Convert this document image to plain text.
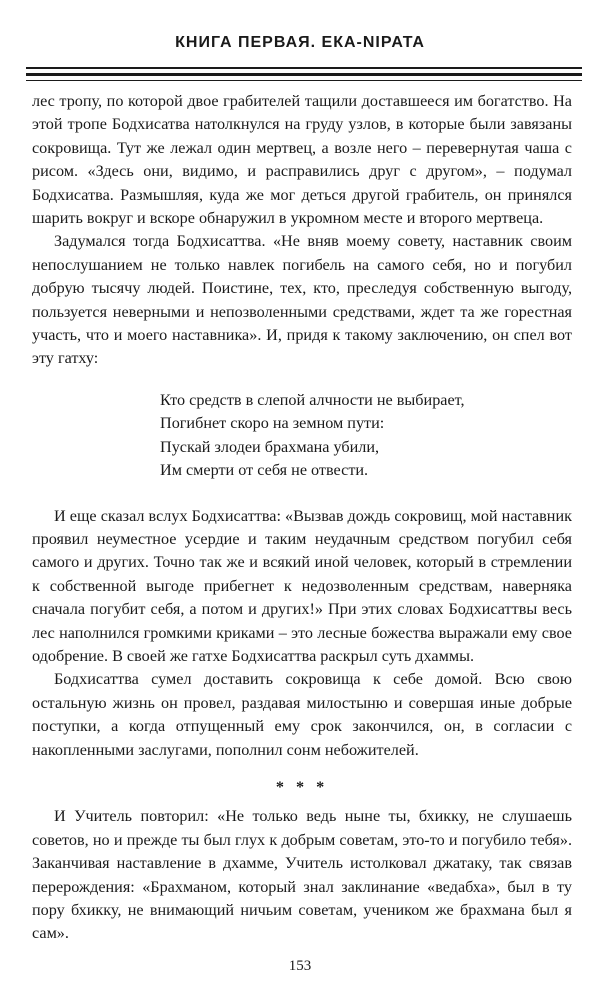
КНИГА ПЕРВАЯ. ЕКА-NIPATA

лес тропу, по которой двое грабителей тащили доставшееся им богатство. На этой тропе Бодхисатва натолкнулся на груду узлов, в которые были завязаны сокровища. Тут же лежал один мертвец, а возле него – перевернутая чаша с рисом. «Здесь они, видимо, и расправились друг с другом», – подумал Бодхисатва. Размышляя, куда же мог деться другой грабитель, он принялся шарить вокруг и вскоре обнаружил в укромном месте и второго мертвеца.

Задумался тогда Бодхисаттва. «Не вняв моему совету, наставник своим непослушанием не только навлек погибель на самого себя, но и погубил добрую тысячу людей. Поистине, тех, кто, преследуя собственную выгоду, пользуется неверными и непозволенными средствами, ждет та же горестная участь, что и моего наставника». И, придя к такому заключению, он спел вот эту гатху:

Кто средств в слепой алчности не выбирает,
Погибнет скоро на земном пути:
Пускай злодеи брахмана убили,
Им смерти от себя не отвести.

И еще сказал вслух Бодхисаттва: «Вызвав дождь сокровищ, мой наставник проявил неуместное усердие и таким неудачным средством погубил себя самого и других. Точно так же и всякий иной человек, который в стремлении к собственной выгоде прибегнет к недозволенным средствам, наверняка сначала погубит себя, а потом и других!» При этих словах Бодхисаттвы весь лес наполнился громкими криками – это лесные божества выражали ему свое одобрение. В своей же гатхе Бодхисаттва раскрыл суть дхаммы.

Бодхисаттва сумел доставить сокровища к себе домой. Всю свою остальную жизнь он провел, раздавая милостыню и совершая иные добрые поступки, а когда отпущенный ему срок закончился, он, в согласии с накопленными заслугами, пополнил сонм небожителей.

* * *

И Учитель повторил: «Не только ведь ныне ты, бхикку, не слушаешь советов, но и прежде ты был глух к добрым советам, это-то и погубило тебя». Заканчивая наставление в дхамме, Учитель истолковал джатаку, так связав перерождения: «Брахманом, который знал заклинание «ведабха», был в ту пору бхикку, не внимающий ничьим советам, учеником же брахмана был я сам».

153
